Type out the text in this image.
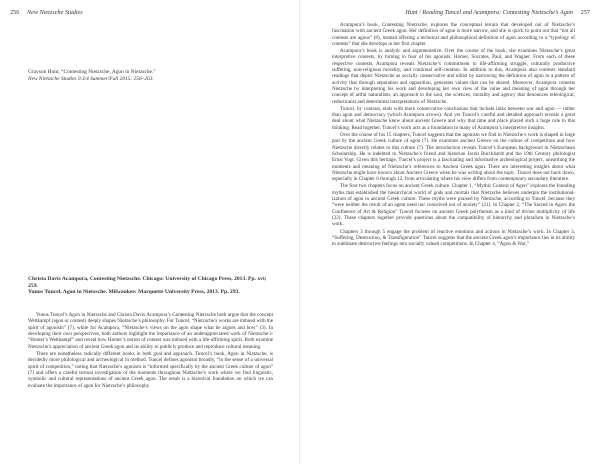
256 New Nietzsche Studies
Grayson Hunt, “Contesting Nietzsche, Agon in Nietzsche.”
New Nietzsche Studies 9.3/4 Summer/Fall 2015: 256–263.

Christa Davis Acampora, Contesting Nietzsche. Chicago: University of Chicago Press, 2013. Pp. xvi; 259.

Yunus Tuncel, Agon in Nietzsche. Milwaukee: Marquette University Press, 2013. Pp. 293.

Yunus Tuncel’s Agon in Nietzsche and Christa Davis Acampora’s Contesting Nietzsche both argue that the concept Wettkampf (agon or contest) deeply shapes Nietzsche’s philosophy. For Tuncel, “Nietzsche’s works are imbued with the spirit of agonism” (7), while for Acampora, “Nietzsche’s views on the agon shape what he argues and how” (3). In developing their own perspectives, both authors highlight the importance of an underappreciated work of Nietzsche’s: “Homer’s Wettkampf” and reveal how Homer’s notion of contest was imbued with a life-affirming spirit. Both examine Nietzsche’s appreciation of ancient Greek agon and its ability to publicly produce and reproduce cultural meaning.

There are nonetheless radically different books in both goal and approach. Tuncel’s book, Agon in Nietzsche, is decidedly more philological and archeological in method. Tuncel defines agonism broadly, “in the sense of a universal spirit of competition,” noting that Nietzsche’s agonism is “informed specifically by the ancient Greek culture of agon” (7) and offers a careful textual investigation of the moments throughout Nietzsche’s work where we find linguistic, symbolic and cultural representations of ancient Greek agon. The result is a historical foundation on which we can evaluate the importance of agon for Nietzsche’s philosophy.

Hunt / Reading Tuncel and Acampora: Contesting Nietzsche’s Agon 257

Acampora’s book, Contesting Nietzsche, explores the conceptual terrain that developed out of Nietzsche’s fascination with ancient Greek agon. Her definition of agon is more narrow, and she is quick to point out that “not all contests are agons” (8), instead offering a technical and philosophical definition of agon according to a “typology of contests” that she develops in her first chapter.

Acampora’s book is analytic and argumentative. Over the course of the book, she examines Nietzsche’s great interpretive contests, by turning to four of his agonists: Homer, Socrates, Paul, and Wagner. From each of these respective contests, Acampora reveals Nietzsche’s commitment to life-affirming struggle, culturally productive suffering, non-religious morality, and continual self-creation. In addition to this, Acampora also contests standard readings that depict Nietzsche as socially conservative and elitist by narrowing the definition of agon to a pattern of activity that through separation and opposition, generates values that can be shared. Moreover, Acampora contests Nietzsche by interpreting his work and developing her own view of the value and meaning of agon through her concept of artful naturalism; an approach to the soul, the sciences, morality and agency that denounces teleological, reductionist and determinist interpretations of Nietzsche.

Tuncel, by contrast, ends with more conservative conclusions that include links between war and agon — rather than agon and democracy (which Acampora avows). And yet Tuncel’s careful and detailed approach reveals a great deal about what Nietzsche knew about ancient Greece and why that time and place played such a huge role in this thinking. Read together, Tuncel’s work acts as a foundation to many of Acampora’s interpretive insights.

Over the course of his 15 chapters, Tuncel suggests that the agonism we find in Nietzsche’s work is shaped in large part by the ancient Greek culture of agon (7). He examines ancient Greece on the culture of competition and how Nietzsche directly relates to this culture (7). The introduction reveals Tuncel’s European background in Nietzschean Scholarship. He is indebted to Nietzsche’s friend and historian Jacob Burckhardt and the 19th Century philologist Ernst Vogt. Given this heritage, Tuncel’s project is a fascinating and informative archeological project, unearthing the moments and meaning of Nietzsche’s references to Ancient Greek agon. There are interesting insights about what Nietzsche might have known about Ancient Greece when he was writing about the topic. Tuncel does not back down, especially in Chapter 6 through 12, from articulating where his view differs from contemporary secondary literature.

The first two chapters focus on ancient Greek culture. Chapter 1, “Mythic Context of Agon” explores the founding myths that established the hierarchical world of gods and mortals that Nietzsche believes underpin the institutional-ization of agon in ancient Greek culture. These myths were praised by Nietzsche, according to Tuncel, because they “were neither the result of an agent need nor conceived out of anxiety” (21). In Chapter 2, “The Sacred in Agon: the Confluence of Art & Religion” Tuncel focuses on ancient Greek polytheism as a kind of divine multiplicity of life (22). These chapters together provide questions about the compatibility of hierarchy and pluralism in Nietzsche’s work.

Chapters 3 through 5 engage the problem of reactive emotions and actions in Nietzsche’s work. In Chapter 3, “Suffering, Destruction, & Transfiguration” Tuncel suggests that the ancient Greek agon’s importance lies in its ability to sublimate destructive feelings into socially valued competitions. In Chapter 4, “Agon & War,”
